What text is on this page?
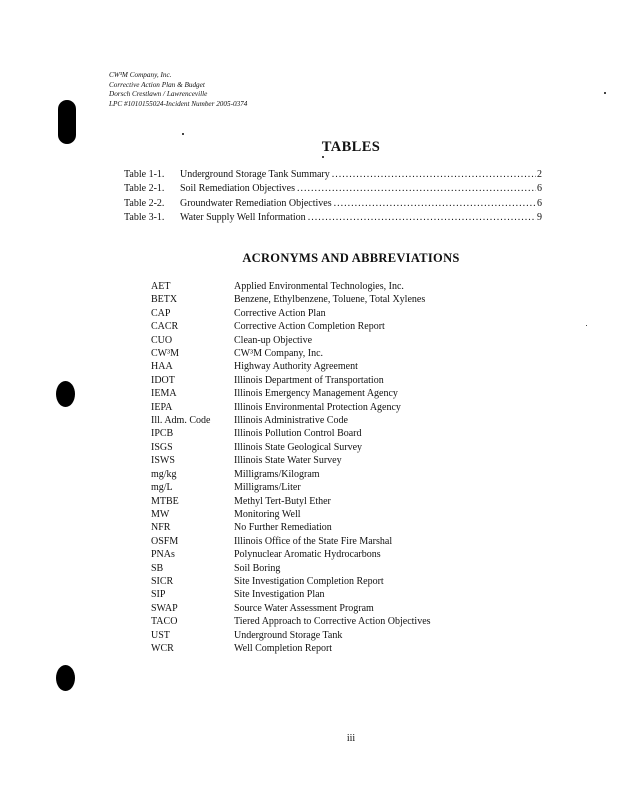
CW³M Company, Inc.
Corrective Action Plan & Budget
Dorsch Crestlawn / Lawrenceville
LPC #1010155024-Incident Number 2005-0374
TABLES
Table 1-1.	Underground Storage Tank Summary .....	2
Table 2-1.	Soil Remediation Objectives .....	6
Table 2-2.	Groundwater Remediation Objectives .....	6
Table 3-1.	Water Supply Well Information .....	9
ACRONYMS AND ABBREVIATIONS
AET	Applied Environmental Technologies, Inc.
BETX	Benzene, Ethylbenzene, Toluene, Total Xylenes
CAP	Corrective Action Plan
CACR	Corrective Action Completion Report
CUO	Clean-up Objective
CW³M	CW³M Company, Inc.
HAA	Highway Authority Agreement
IDOT	Illinois Department of Transportation
IEMA	Illinois Emergency Management Agency
IEPA	Illinois Environmental Protection Agency
Ill. Adm. Code	Illinois Administrative Code
IPCB	Illinois Pollution Control Board
ISGS	Illinois State Geological Survey
ISWS	Illinois State Water Survey
mg/kg	Milligrams/Kilogram
mg/L	Milligrams/Liter
MTBE	Methyl Tert-Butyl Ether
MW	Monitoring Well
NFR	No Further Remediation
OSFM	Illinois Office of the State Fire Marshal
PNAs	Polynuclear Aromatic Hydrocarbons
SB	Soil Boring
SICR	Site Investigation Completion Report
SIP	Site Investigation Plan
SWAP	Source Water Assessment Program
TACO	Tiered Approach to Corrective Action Objectives
UST	Underground Storage Tank
WCR	Well Completion Report
iii
